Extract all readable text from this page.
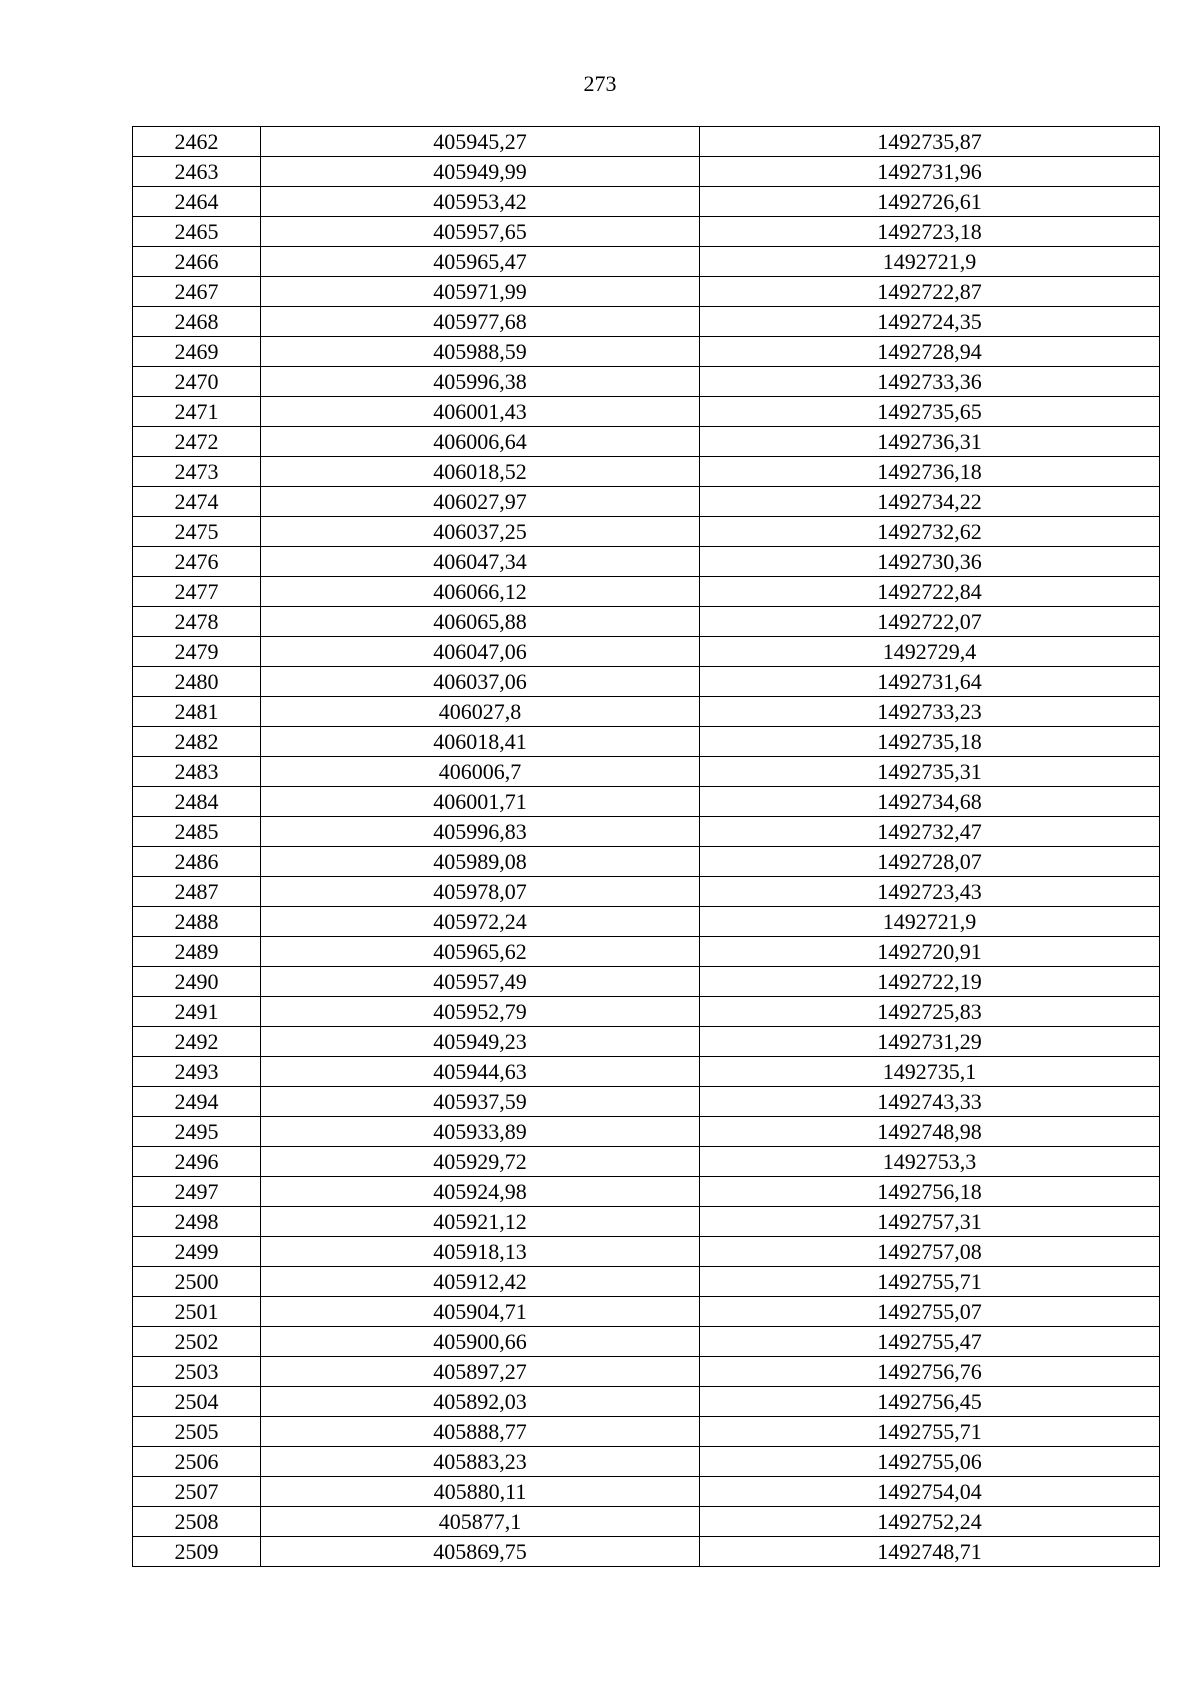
273
2462	405945,27	1492735,87
2463	405949,99	1492731,96
2464	405953,42	1492726,61
2465	405957,65	1492723,18
2466	405965,47	1492721,9
2467	405971,99	1492722,87
2468	405977,68	1492724,35
2469	405988,59	1492728,94
2470	405996,38	1492733,36
2471	406001,43	1492735,65
2472	406006,64	1492736,31
2473	406018,52	1492736,18
2474	406027,97	1492734,22
2475	406037,25	1492732,62
2476	406047,34	1492730,36
2477	406066,12	1492722,84
2478	406065,88	1492722,07
2479	406047,06	1492729,4
2480	406037,06	1492731,64
2481	406027,8	1492733,23
2482	406018,41	1492735,18
2483	406006,7	1492735,31
2484	406001,71	1492734,68
2485	405996,83	1492732,47
2486	405989,08	1492728,07
2487	405978,07	1492723,43
2488	405972,24	1492721,9
2489	405965,62	1492720,91
2490	405957,49	1492722,19
2491	405952,79	1492725,83
2492	405949,23	1492731,29
2493	405944,63	1492735,1
2494	405937,59	1492743,33
2495	405933,89	1492748,98
2496	405929,72	1492753,3
2497	405924,98	1492756,18
2498	405921,12	1492757,31
2499	405918,13	1492757,08
2500	405912,42	1492755,71
2501	405904,71	1492755,07
2502	405900,66	1492755,47
2503	405897,27	1492756,76
2504	405892,03	1492756,45
2505	405888,77	1492755,71
2506	405883,23	1492755,06
2507	405880,11	1492754,04
2508	405877,1	1492752,24
2509	405869,75	1492748,71
